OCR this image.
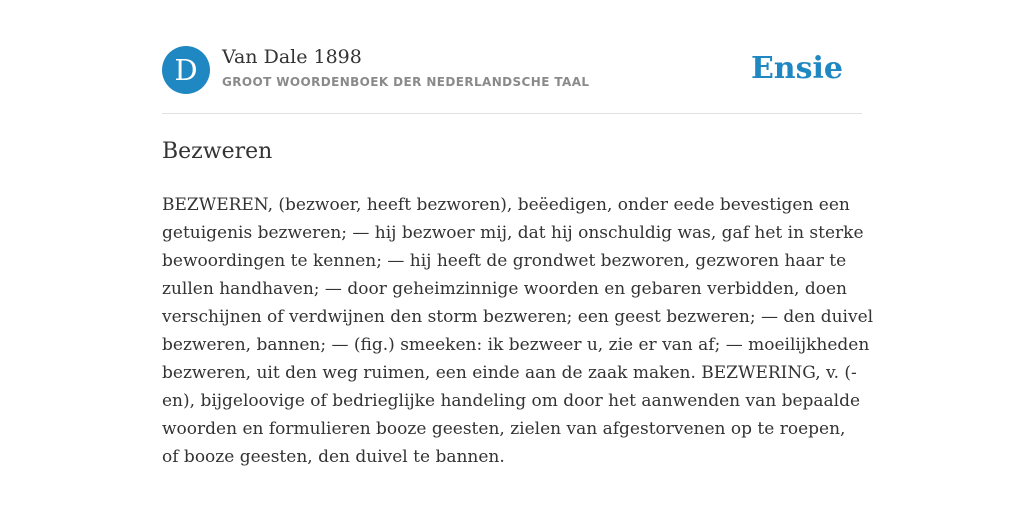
D	Van Dale 1898
GROOT WOORDENBOEK DER NEDERLANDSCHE TAAL	Ensie
Bezweren

BEZWEREN, (bezwoer, heeft bezworen), beëedigen, onder eede bevestigen een
getuigenis bezweren; — hij bezwoer mij, dat hij onschuldig was, gaf het in sterke
bewoordingen te kennen; — hij heeft de grondwet bezworen, gezworen haar te
zullen handhaven; — door geheimzinnige woorden en gebaren verbidden, doen
verschijnen of verdwijnen den storm bezweren; een geest bezweren; — den duivel
bezweren, bannen; — (fig.) smeeken: ik bezweer u, zie er van af; — moeilijkheden
bezweren, uit den weg ruimen, een einde aan de zaak maken. BEZWERING, v. (-
en), bijgeloovige of bedrieglijke handeling om door het aanwenden van bepaalde
woorden en formulieren booze geesten, zielen van afgestorvenen op te roepen,
of booze geesten, den duivel te bannen.
